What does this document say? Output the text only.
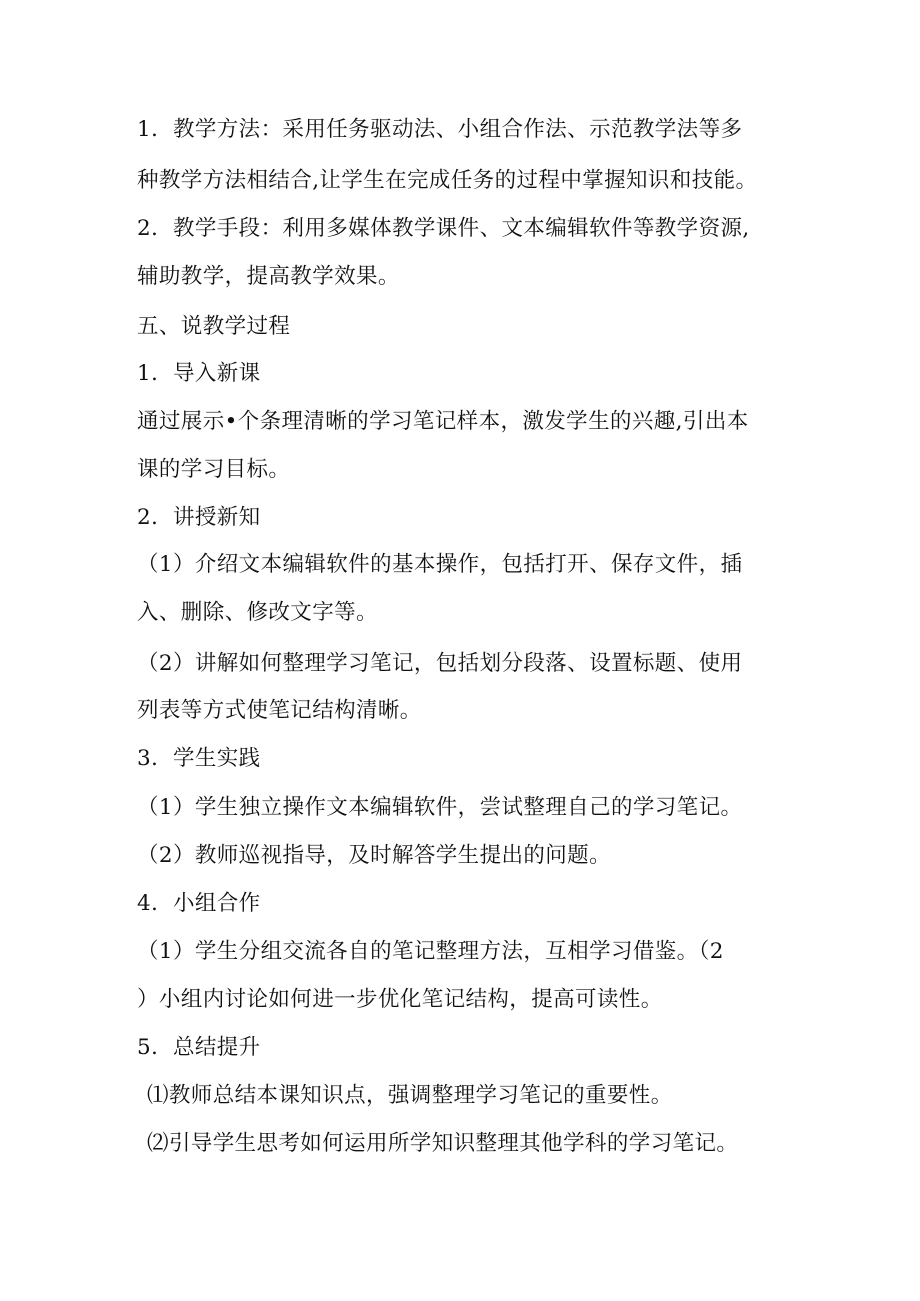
1．教学方法：采用任务驱动法、小组合作法、示范教学法等多
种教学方法相结合,让学生在完成任务的过程中掌握知识和技能。
2．教学手段：利用多媒体教学课件、文本编辑软件等教学资源,
辅助教学，提高教学效果。
五、说教学过程
1．导入新课
通过展示•个条理清晰的学习笔记样本，激发学生的兴趣,引出本
课的学习目标。
2．讲授新知
（1）介绍文本编辑软件的基本操作，包括打开、保存文件，插
入、删除、修改文字等。
（2）讲解如何整理学习笔记，包括划分段落、设置标题、使用
列表等方式使笔记结构清晰。
3．学生实践
（1）学生独立操作文本编辑软件，尝试整理自己的学习笔记。
（2）教师巡视指导，及时解答学生提出的问题。
4．小组合作
（1）学生分组交流各自的笔记整理方法，互相学习借鉴。（2
）小组内讨论如何进一步优化笔记结构，提高可读性。
5．总结提升
⑴教师总结本课知识点，强调整理学习笔记的重要性。
⑵引导学生思考如何运用所学知识整理其他学科的学习笔记。
